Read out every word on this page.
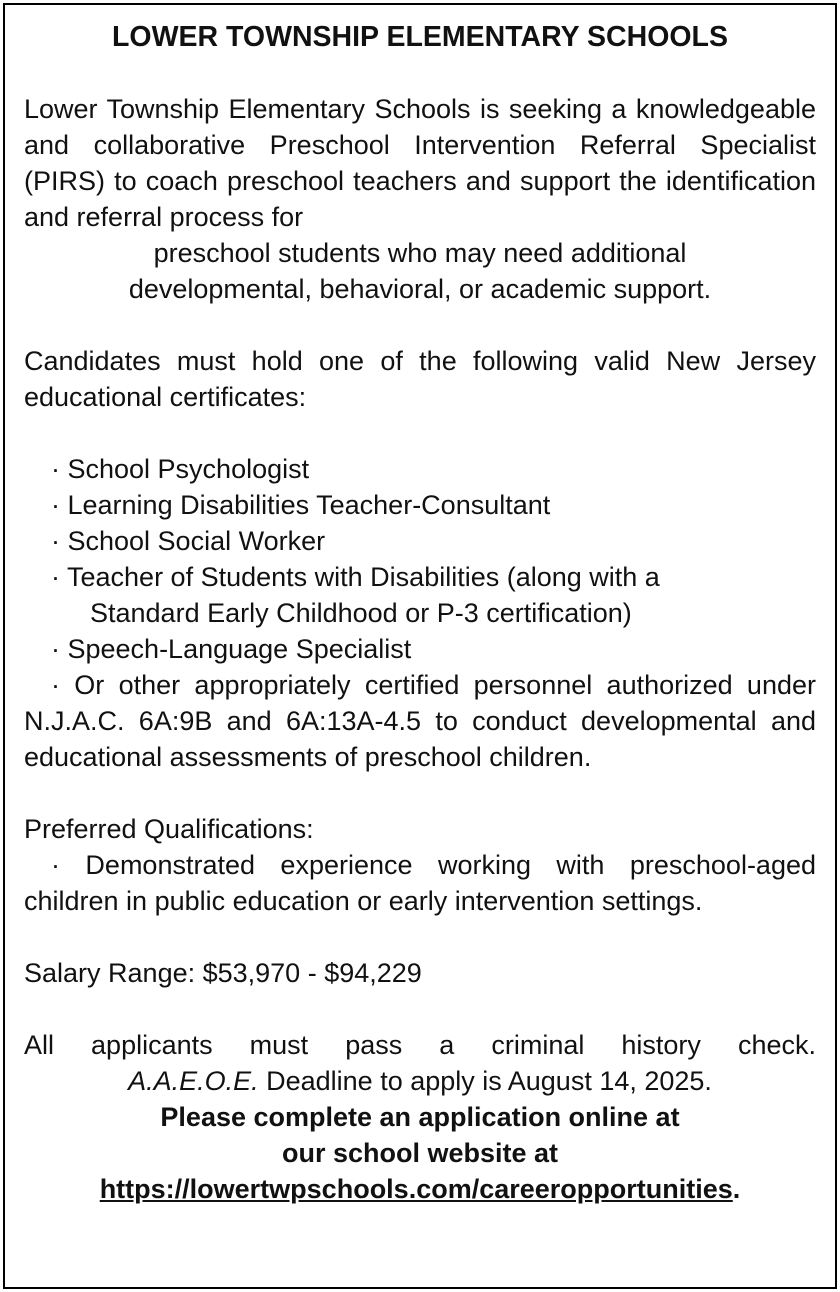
LOWER TOWNSHIP ELEMENTARY SCHOOLS

Lower Township Elementary Schools is seeking a knowledgeable and collaborative Preschool Intervention Referral Specialist (PIRS) to coach preschool teachers and support the identification and referral process for

preschool students who may need additional

developmental, behavioral, or academic support.

Candidates must hold one of the following valid New Jersey educational certificates:

· School Psychologist
· Learning Disabilities Teacher-Consultant
· School Social Worker
· Teacher of Students with Disabilities (along with a
Standard Early Childhood or P-3 certification)
· Speech-Language Specialist

· Or other appropriately certified personnel authorized under N.J.A.C. 6A:9B and 6A:13A-4.5 to conduct developmental and educational assessments of preschool children.

Preferred Qualifications:

· Demonstrated experience working with preschool-aged children in public education or early intervention settings.

Salary Range: $53,970 - $94,229

All applicants must pass a criminal history check.

A.A.E.O.E. Deadline to apply is August 14, 2025.

Please complete an application online at

our school website at

https://lowertwpschools.com/careeropportunities.
